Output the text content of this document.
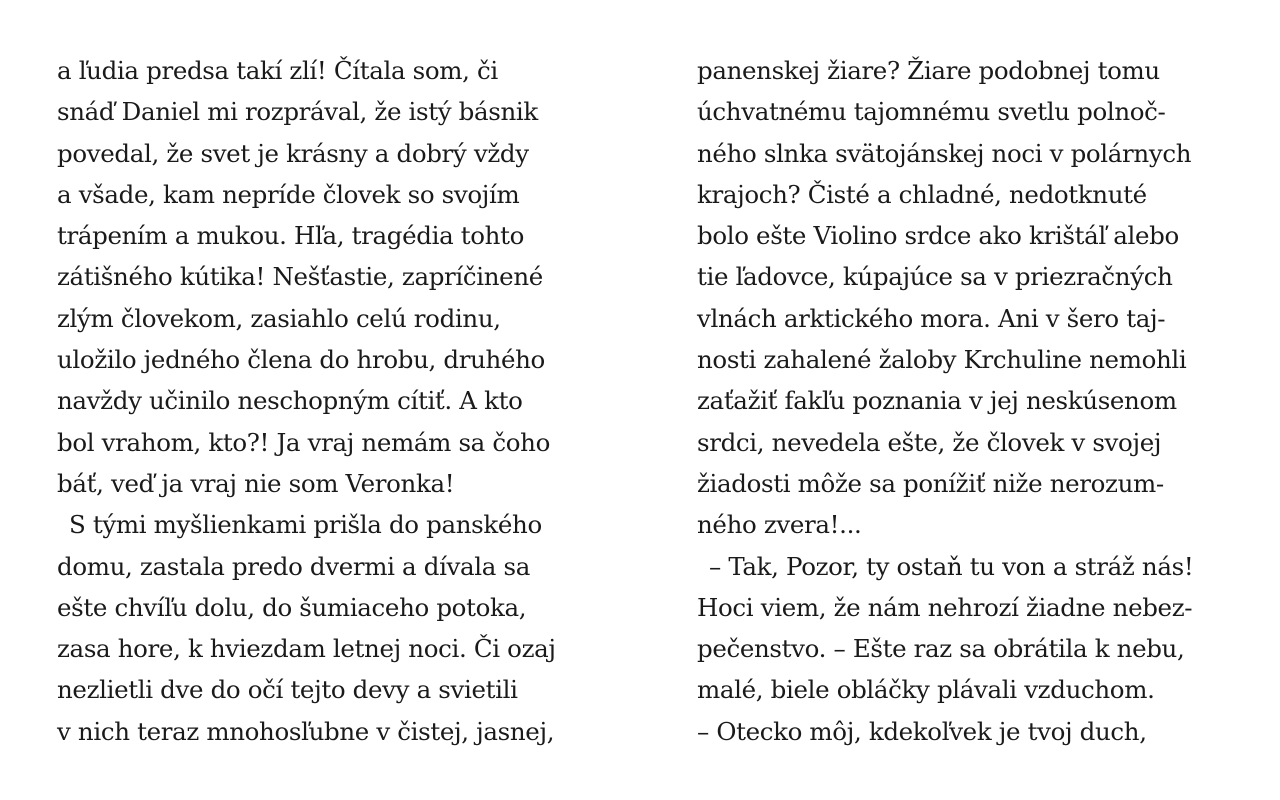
a ľudia predsa takí zlí! Čítala som, či
snáď Daniel mi rozprával, že istý básnik
povedal, že svet je krásny a dobrý vždy
a všade, kam nepríde človek so svojím
trápením a mukou. Hľa, tragédia tohto
zátišného kútika! Nešťastie, zapríčinené
zlým človekom, zasiahlo celú rodinu,
uložilo jedného člena do hrobu, druhého
navždy učinilo neschopným cítiť. A kto
bol vrahom, kto?! Ja vraj nemám sa čoho
báť, veď ja vraj nie som Veronka!
S tými myšlienkami prišla do panského
domu, zastala predo dvermi a dívala sa
ešte chvíľu dolu, do šumiaceho potoka,
zasa hore, k hviezdam letnej noci. Či ozaj
nezlietli dve do očí tejto devy a svietili
v nich teraz mnohosľubne v čistej, jasnej,
panenskej žiare? Žiare podobnej tomu
úchvatnému tajomnému svetlu polnoč-
ného slnka svätojánskej noci v polárnych
krajoch? Čisté a chladné, nedotknuté
bolo ešte Violino srdce ako krištáľ alebo
tie ľadovce, kúpajúce sa v priezračných
vlnách arktického mora. Ani v šero taj-
nosti zahalené žaloby Krchuline nemohli
zaťažiť fakľu poznania v jej neskúsenom
srdci, nevedela ešte, že človek v svojej
žiadosti môže sa ponížiť niže nerozum-
ného zvera!...
– Tak, Pozor, ty ostaň tu von a stráž nás!
Hoci viem, že nám nehrozí žiadne nebez-
pečenstvo. – Ešte raz sa obrátila k nebu,
malé, biele obláčky plávali vzduchom.
– Otecko môj, kdekoľvek je tvoj duch,
